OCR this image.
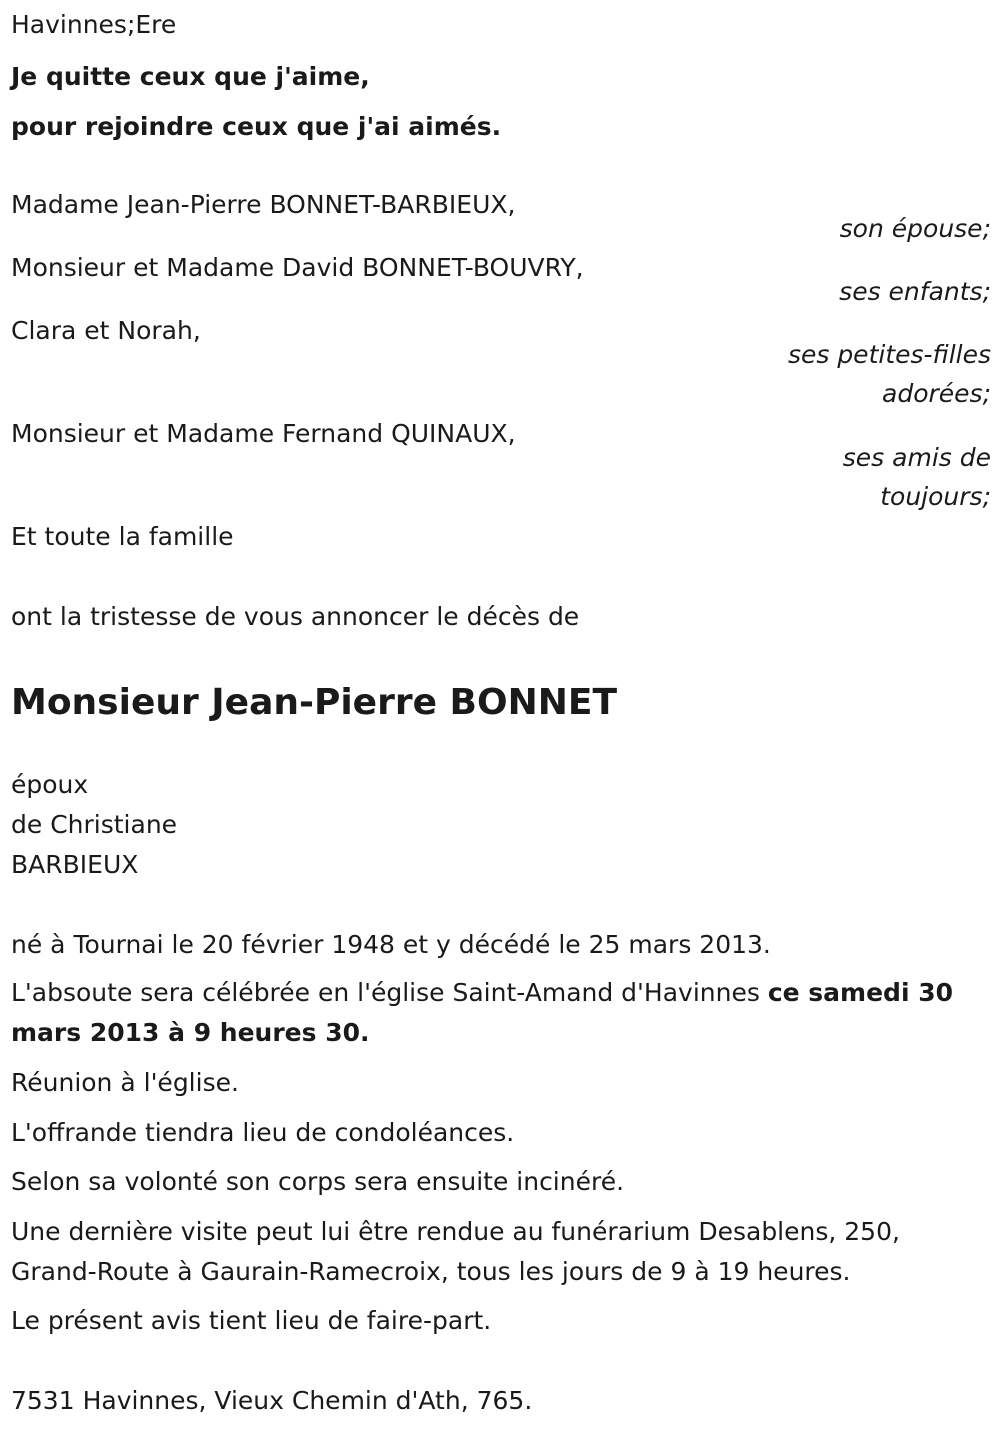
Havinnes;Ere
Je quitte ceux que j'aime,
pour rejoindre ceux que j'ai aimés.
Madame Jean-Pierre BONNET-BARBIEUX,
son épouse;
Monsieur et Madame David BONNET-BOUVRY,
ses enfants;
Clara et Norah,
ses petites-filles
adorées;
Monsieur et Madame Fernand QUINAUX,
ses amis de
toujours;
Et toute la famille
ont la tristesse de vous annoncer le décès de
Monsieur Jean-Pierre BONNET
époux
de Christiane
BARBIEUX
né à Tournai le 20 février 1948 et y décédé le 25 mars 2013.
L'absoute sera célébrée en l'église Saint-Amand d'Havinnes ce samedi 30 mars 2013 à 9 heures 30.
Réunion à l'église.
L'offrande tiendra lieu de condoléances.
Selon sa volonté son corps sera ensuite incinéré.
Une dernière visite peut lui être rendue au funérarium Desablens, 250, Grand-Route à Gaurain-Ramecroix, tous les jours de 9 à 19 heures.
Le présent avis tient lieu de faire-part.
7531 Havinnes, Vieux Chemin d'Ath, 765.
